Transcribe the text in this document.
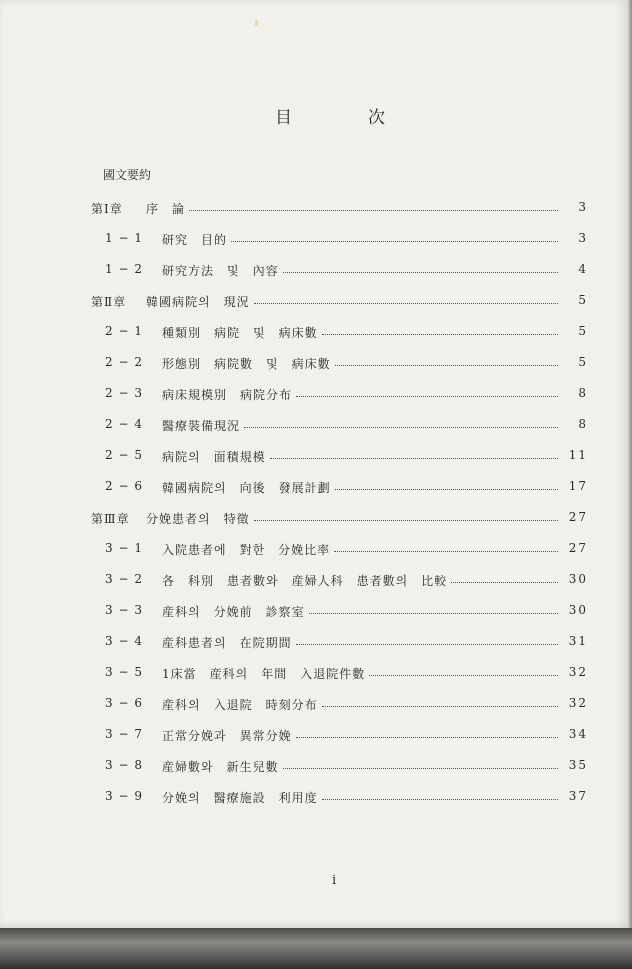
目	次
國文要約
第Ⅰ章 序　論	3
1 − 1 研究　目的	3
1 − 2 研究方法　및　內容	4
第Ⅱ章 韓國病院의　現況	5
2 − 1 種類別　病院　및　病床數	5
2 − 2 形態別　病院數　및　病床數	5
2 − 3 病床規模別　病院分布	8
2 − 4 醫療裝備現況	8
2 − 5 病院의　面積規模	11
2 − 6 韓國病院의　向後　發展計劃	17
第Ⅲ章 分娩患者의　特徵	27
3 − 1 入院患者에　對한　分娩比率	27
3 − 2 各　科別　患者數와　産婦人科　患者數의　比較	30
3 − 3 産科의　分娩前　診察室	30
3 − 4 産科患者의　在院期間	31
3 − 5 1床當　産科의　年間　入退院件數	32
3 − 6 産科의　入退院　時刻分布	32
3 − 7 正常分娩과　異常分娩	34
3 − 8 産婦數와　新生兒數	35
3 − 9 分娩의　醫療施設　利用度	37
i
